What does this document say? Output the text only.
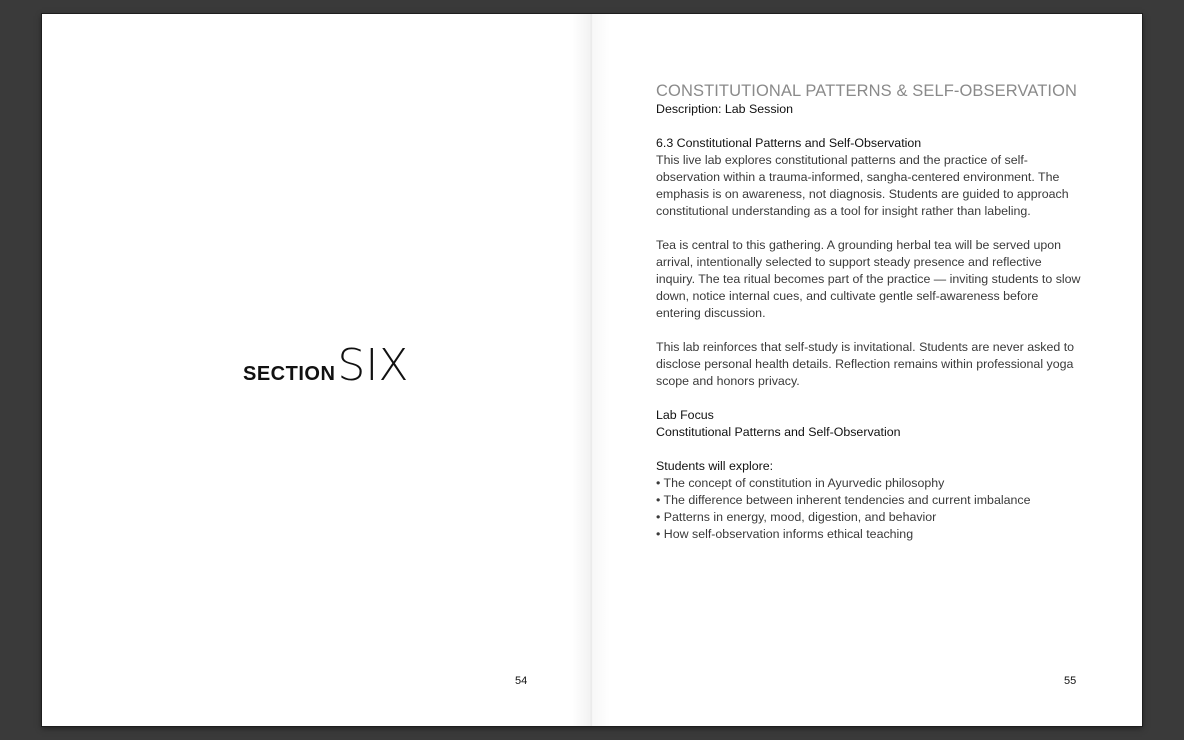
SECTIONSIX
54
CONSTITUTIONAL PATTERNS & SELF-OBSERVATION
Description: Lab Session
6.3 Constitutional Patterns and Self-Observation
This live lab explores constitutional patterns and the practice of self-observation within a trauma-informed, sangha-centered environment. The emphasis is on awareness, not diagnosis. Students are guided to approach constitutional understanding as a tool for insight rather than labeling.
Tea is central to this gathering. A grounding herbal tea will be served upon arrival, intentionally selected to support steady presence and reflective inquiry. The tea ritual becomes part of the practice — inviting students to slow down, notice internal cues, and cultivate gentle self-awareness before entering discussion.
This lab reinforces that self-study is invitational. Students are never asked to disclose personal health details. Reflection remains within professional yoga scope and honors privacy.
Lab Focus
Constitutional Patterns and Self-Observation
Students will explore:
• The concept of constitution in Ayurvedic philosophy
• The difference between inherent tendencies and current imbalance
• Patterns in energy, mood, digestion, and behavior
• How self-observation informs ethical teaching
55
